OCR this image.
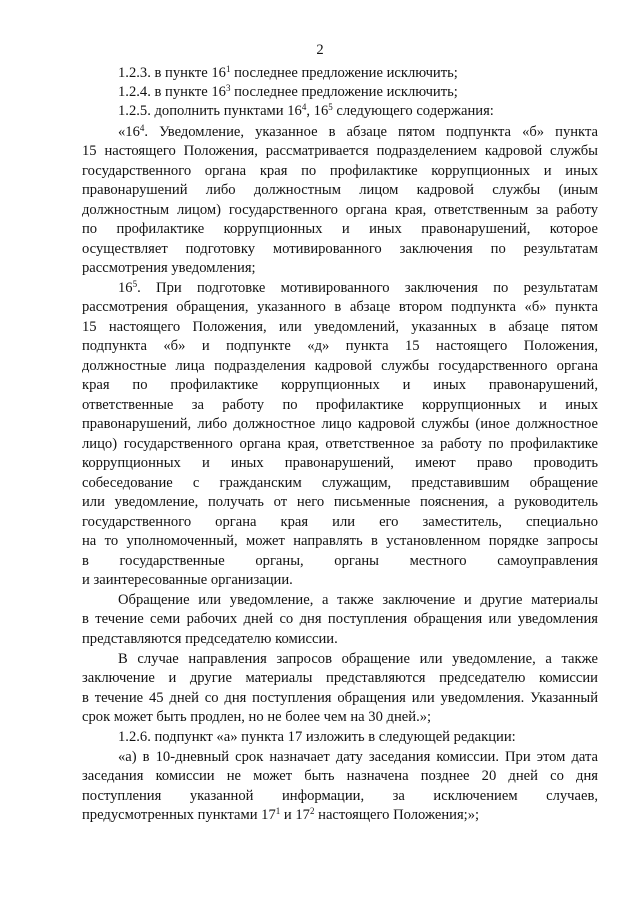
2
1.2.3. в пункте $16^1$ последнее предложение исключить;
1.2.4. в пункте $16^3$ последнее предложение исключить;
1.2.5. дополнить пунктами $16^4$, $16^5$ следующего содержания:
«$16^4$. Уведомление, указанное в абзаце пятом подпункта «б» пункта
15 настоящего Положения, рассматривается подразделением кадровой службы
государственного органа края по профилактике коррупционных и иных
правонарушений либо должностным лицом кадровой службы (иным
должностным лицом) государственного органа края, ответственным за работу
по профилактике коррупционных и иных правонарушений, которое
осуществляет подготовку мотивированного заключения по результатам
рассмотрения уведомления;
$16^5$. При подготовке мотивированного заключения по результатам
рассмотрения обращения, указанного в абзаце втором подпункта «б» пункта
15 настоящего Положения, или уведомлений, указанных в абзаце пятом
подпункта «б» и подпункте «д» пункта 15 настоящего Положения,
должностные лица подразделения кадровой службы государственного органа
края по профилактике коррупционных и иных правонарушений,
ответственные за работу по профилактике коррупционных и иных
правонарушений, либо должностное лицо кадровой службы (иное должностное
лицо) государственного органа края, ответственное за работу по профилактике
коррупционных и иных правонарушений, имеют право проводить
собеседование с гражданским служащим, представившим обращение
или уведомление, получать от него письменные пояснения, а руководитель
государственного органа края или его заместитель, специально
на то уполномоченный, может направлять в установленном порядке запросы
в государственные органы, органы местного самоуправления
и заинтересованные организации.
Обращение или уведомление, а также заключение и другие материалы
в течение семи рабочих дней со дня поступления обращения или уведомления
представляются председателю комиссии.
В случае направления запросов обращение или уведомление, а также
заключение и другие материалы представляются председателю комиссии
в течение 45 дней со дня поступления обращения или уведомления. Указанный
срок может быть продлен, но не более чем на 30 дней.»;
1.2.6. подпункт «а» пункта 17 изложить в следующей редакции:
«а) в 10-дневный срок назначает дату заседания комиссии. При этом дата
заседания комиссии не может быть назначена позднее 20 дней со дня
поступления указанной информации, за исключением случаев,
предусмотренных пунктами $17^1$ и $17^2$ настоящего Положения;»;
